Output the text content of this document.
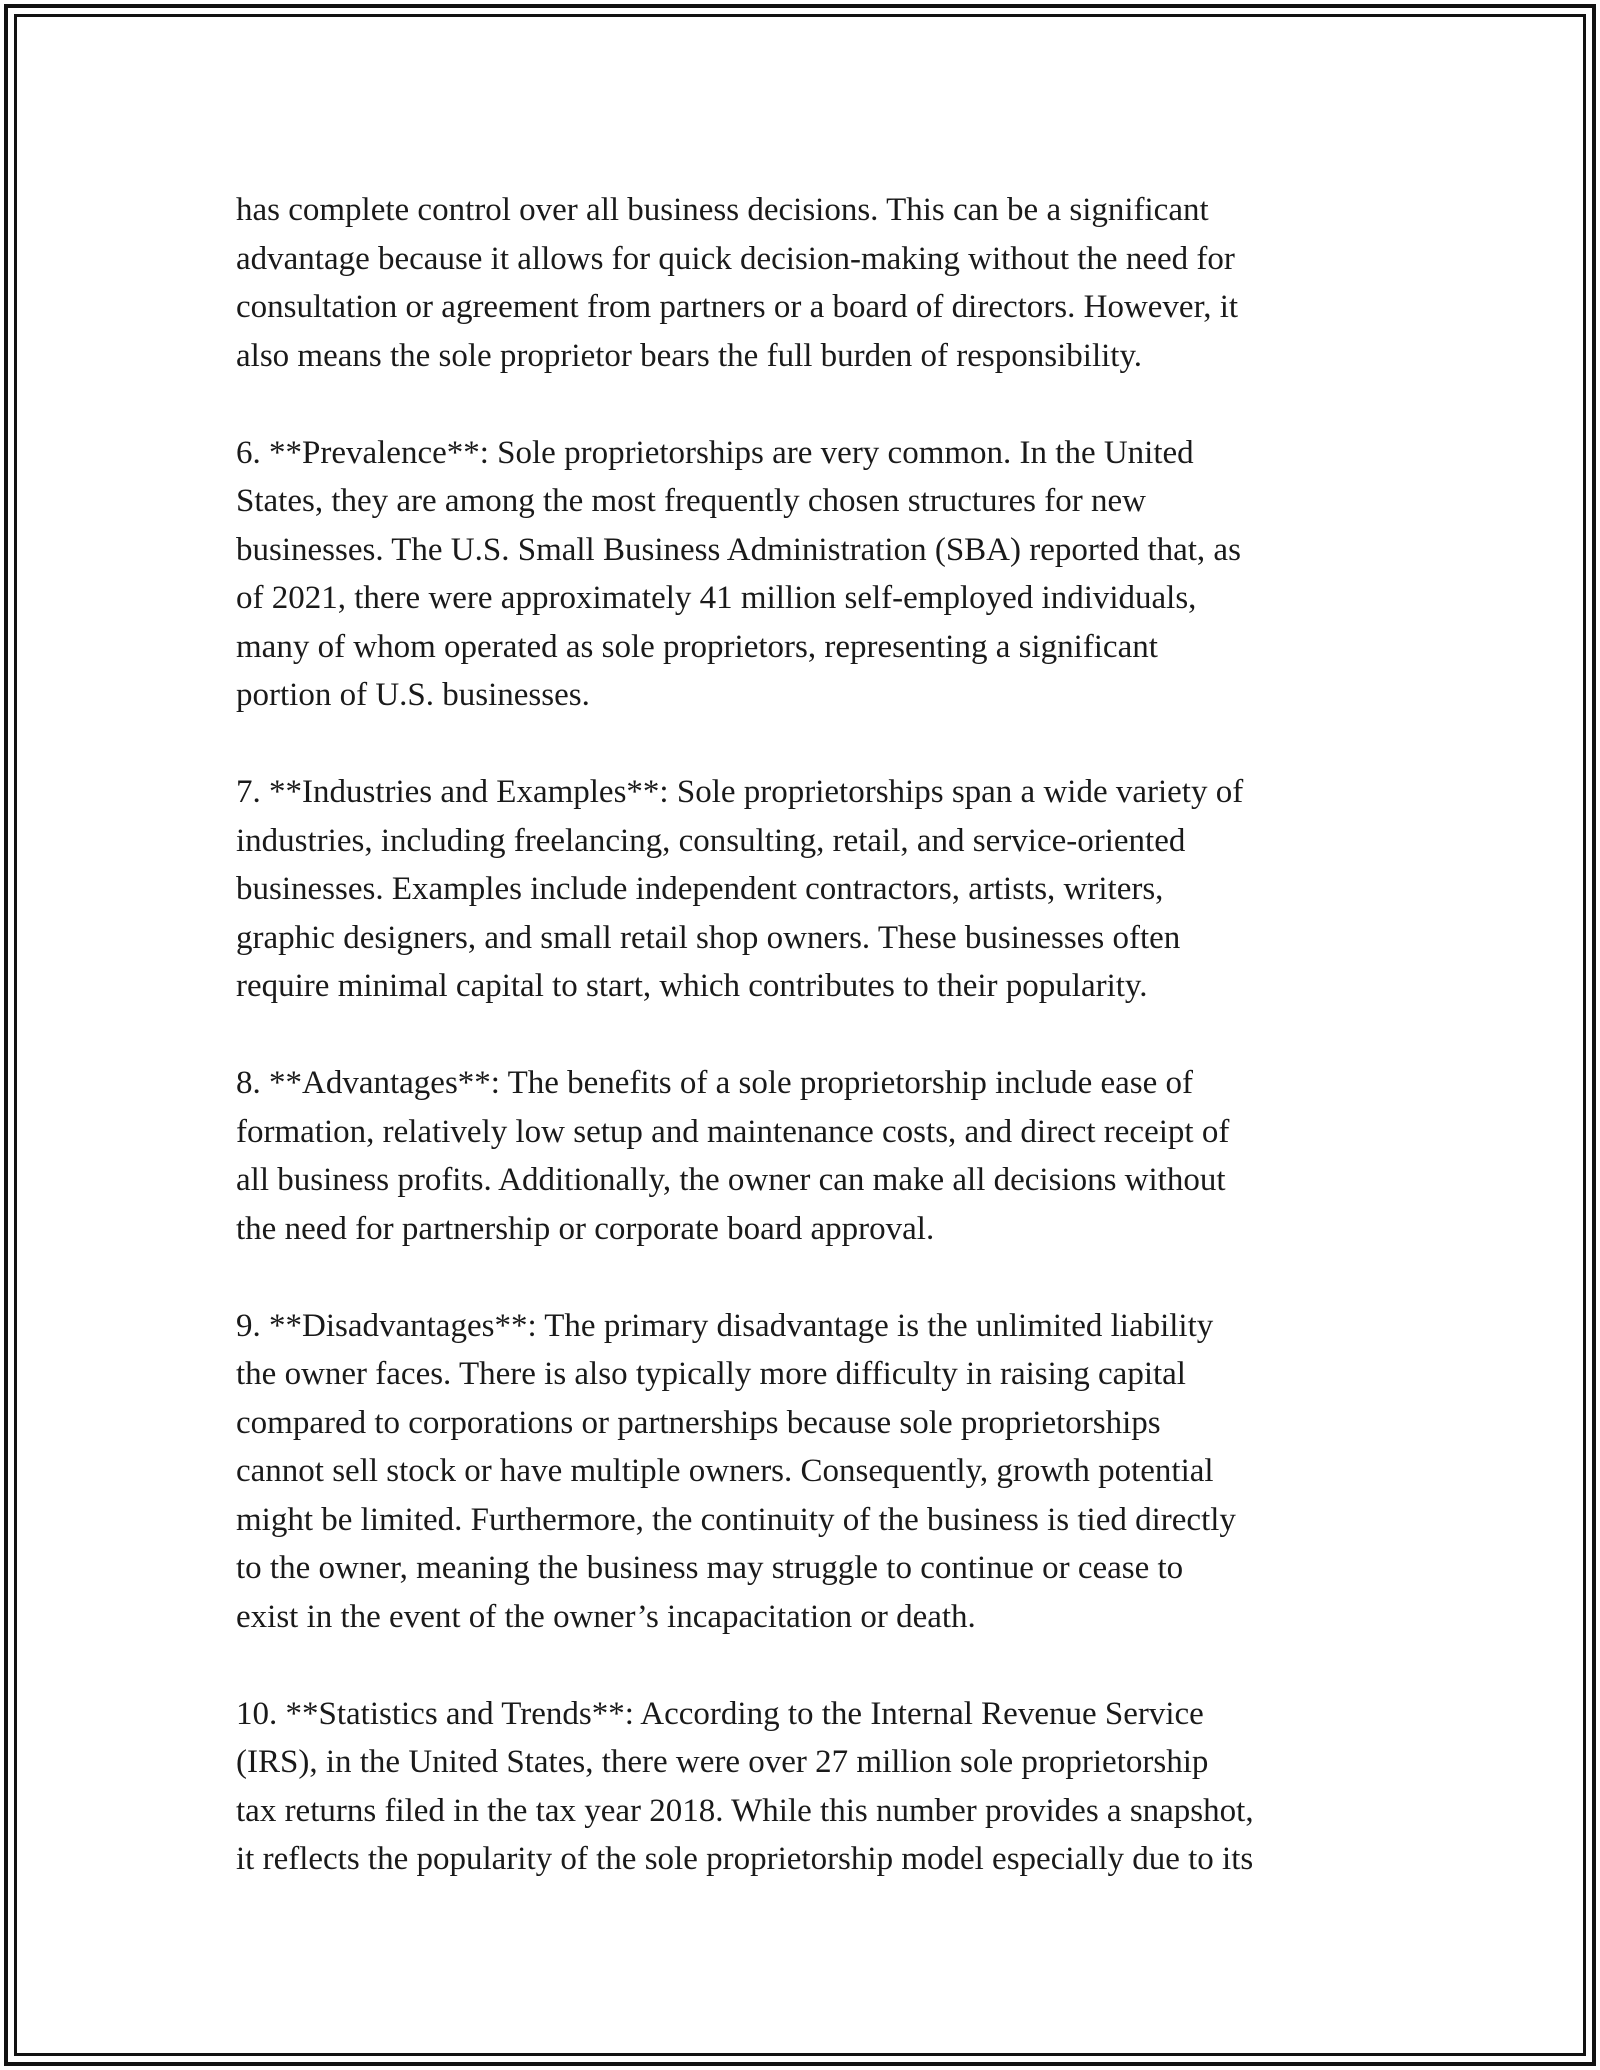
has complete control over all business decisions. This can be a significant
advantage because it allows for quick decision-making without the need for
consultation or agreement from partners or a board of directors. However, it
also means the sole proprietor bears the full burden of responsibility.

6. **Prevalence**: Sole proprietorships are very common. In the United
States, they are among the most frequently chosen structures for new
businesses. The U.S. Small Business Administration (SBA) reported that, as
of 2021, there were approximately 41 million self-employed individuals,
many of whom operated as sole proprietors, representing a significant
portion of U.S. businesses.

7. **Industries and Examples**: Sole proprietorships span a wide variety of
industries, including freelancing, consulting, retail, and service-oriented
businesses. Examples include independent contractors, artists, writers,
graphic designers, and small retail shop owners. These businesses often
require minimal capital to start, which contributes to their popularity.

8. **Advantages**: The benefits of a sole proprietorship include ease of
formation, relatively low setup and maintenance costs, and direct receipt of
all business profits. Additionally, the owner can make all decisions without
the need for partnership or corporate board approval.

9. **Disadvantages**: The primary disadvantage is the unlimited liability
the owner faces. There is also typically more difficulty in raising capital
compared to corporations or partnerships because sole proprietorships
cannot sell stock or have multiple owners. Consequently, growth potential
might be limited. Furthermore, the continuity of the business is tied directly
to the owner, meaning the business may struggle to continue or cease to
exist in the event of the owner’s incapacitation or death.

10. **Statistics and Trends**: According to the Internal Revenue Service
(IRS), in the United States, there were over 27 million sole proprietorship
tax returns filed in the tax year 2018. While this number provides a snapshot,
it reflects the popularity of the sole proprietorship model especially due to its
